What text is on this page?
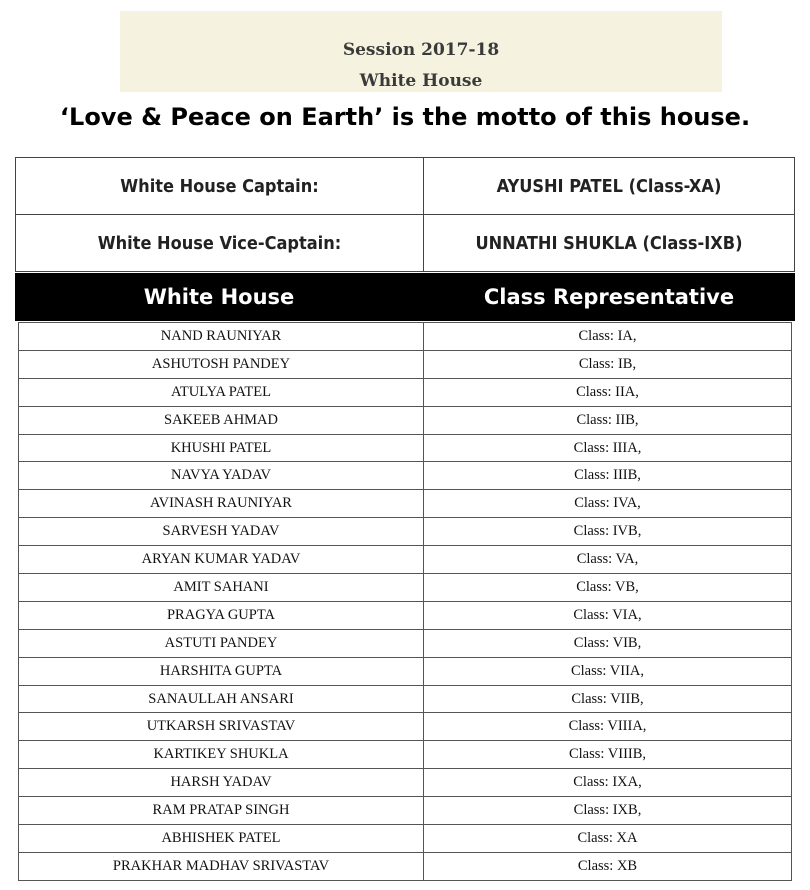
Session 2017-18
White House
‘Love & Peace on Earth’ is the motto of this house.
White House Captain:	AYUSHI PATEL (Class-XA)
White House Vice-Captain:	UNNATHI SHUKLA (Class-IXB)
White House	Class Representative
NAND RAUNIYAR	Class: IA,
ASHUTOSH PANDEY	Class: IB,
ATULYA PATEL	Class: IIA,
SAKEEB AHMAD	Class: IIB,
KHUSHI PATEL	Class: IIIA,
NAVYA YADAV	Class: IIIB,
AVINASH RAUNIYAR	Class: IVA,
SARVESH YADAV	Class: IVB,
ARYAN KUMAR YADAV	Class: VA,
AMIT SAHANI	Class: VB,
PRAGYA GUPTA	Class: VIA,
ASTUTI PANDEY	Class: VIB,
HARSHITA GUPTA	Class: VIIA,
SANAULLAH ANSARI	Class: VIIB,
UTKARSH SRIVASTAV	Class: VIIIA,
KARTIKEY SHUKLA	Class: VIIIB,
HARSH YADAV	Class: IXA,
RAM PRATAP SINGH	Class: IXB,
ABHISHEK PATEL	Class: XA
PRAKHAR MADHAV SRIVASTAV	Class: XB
